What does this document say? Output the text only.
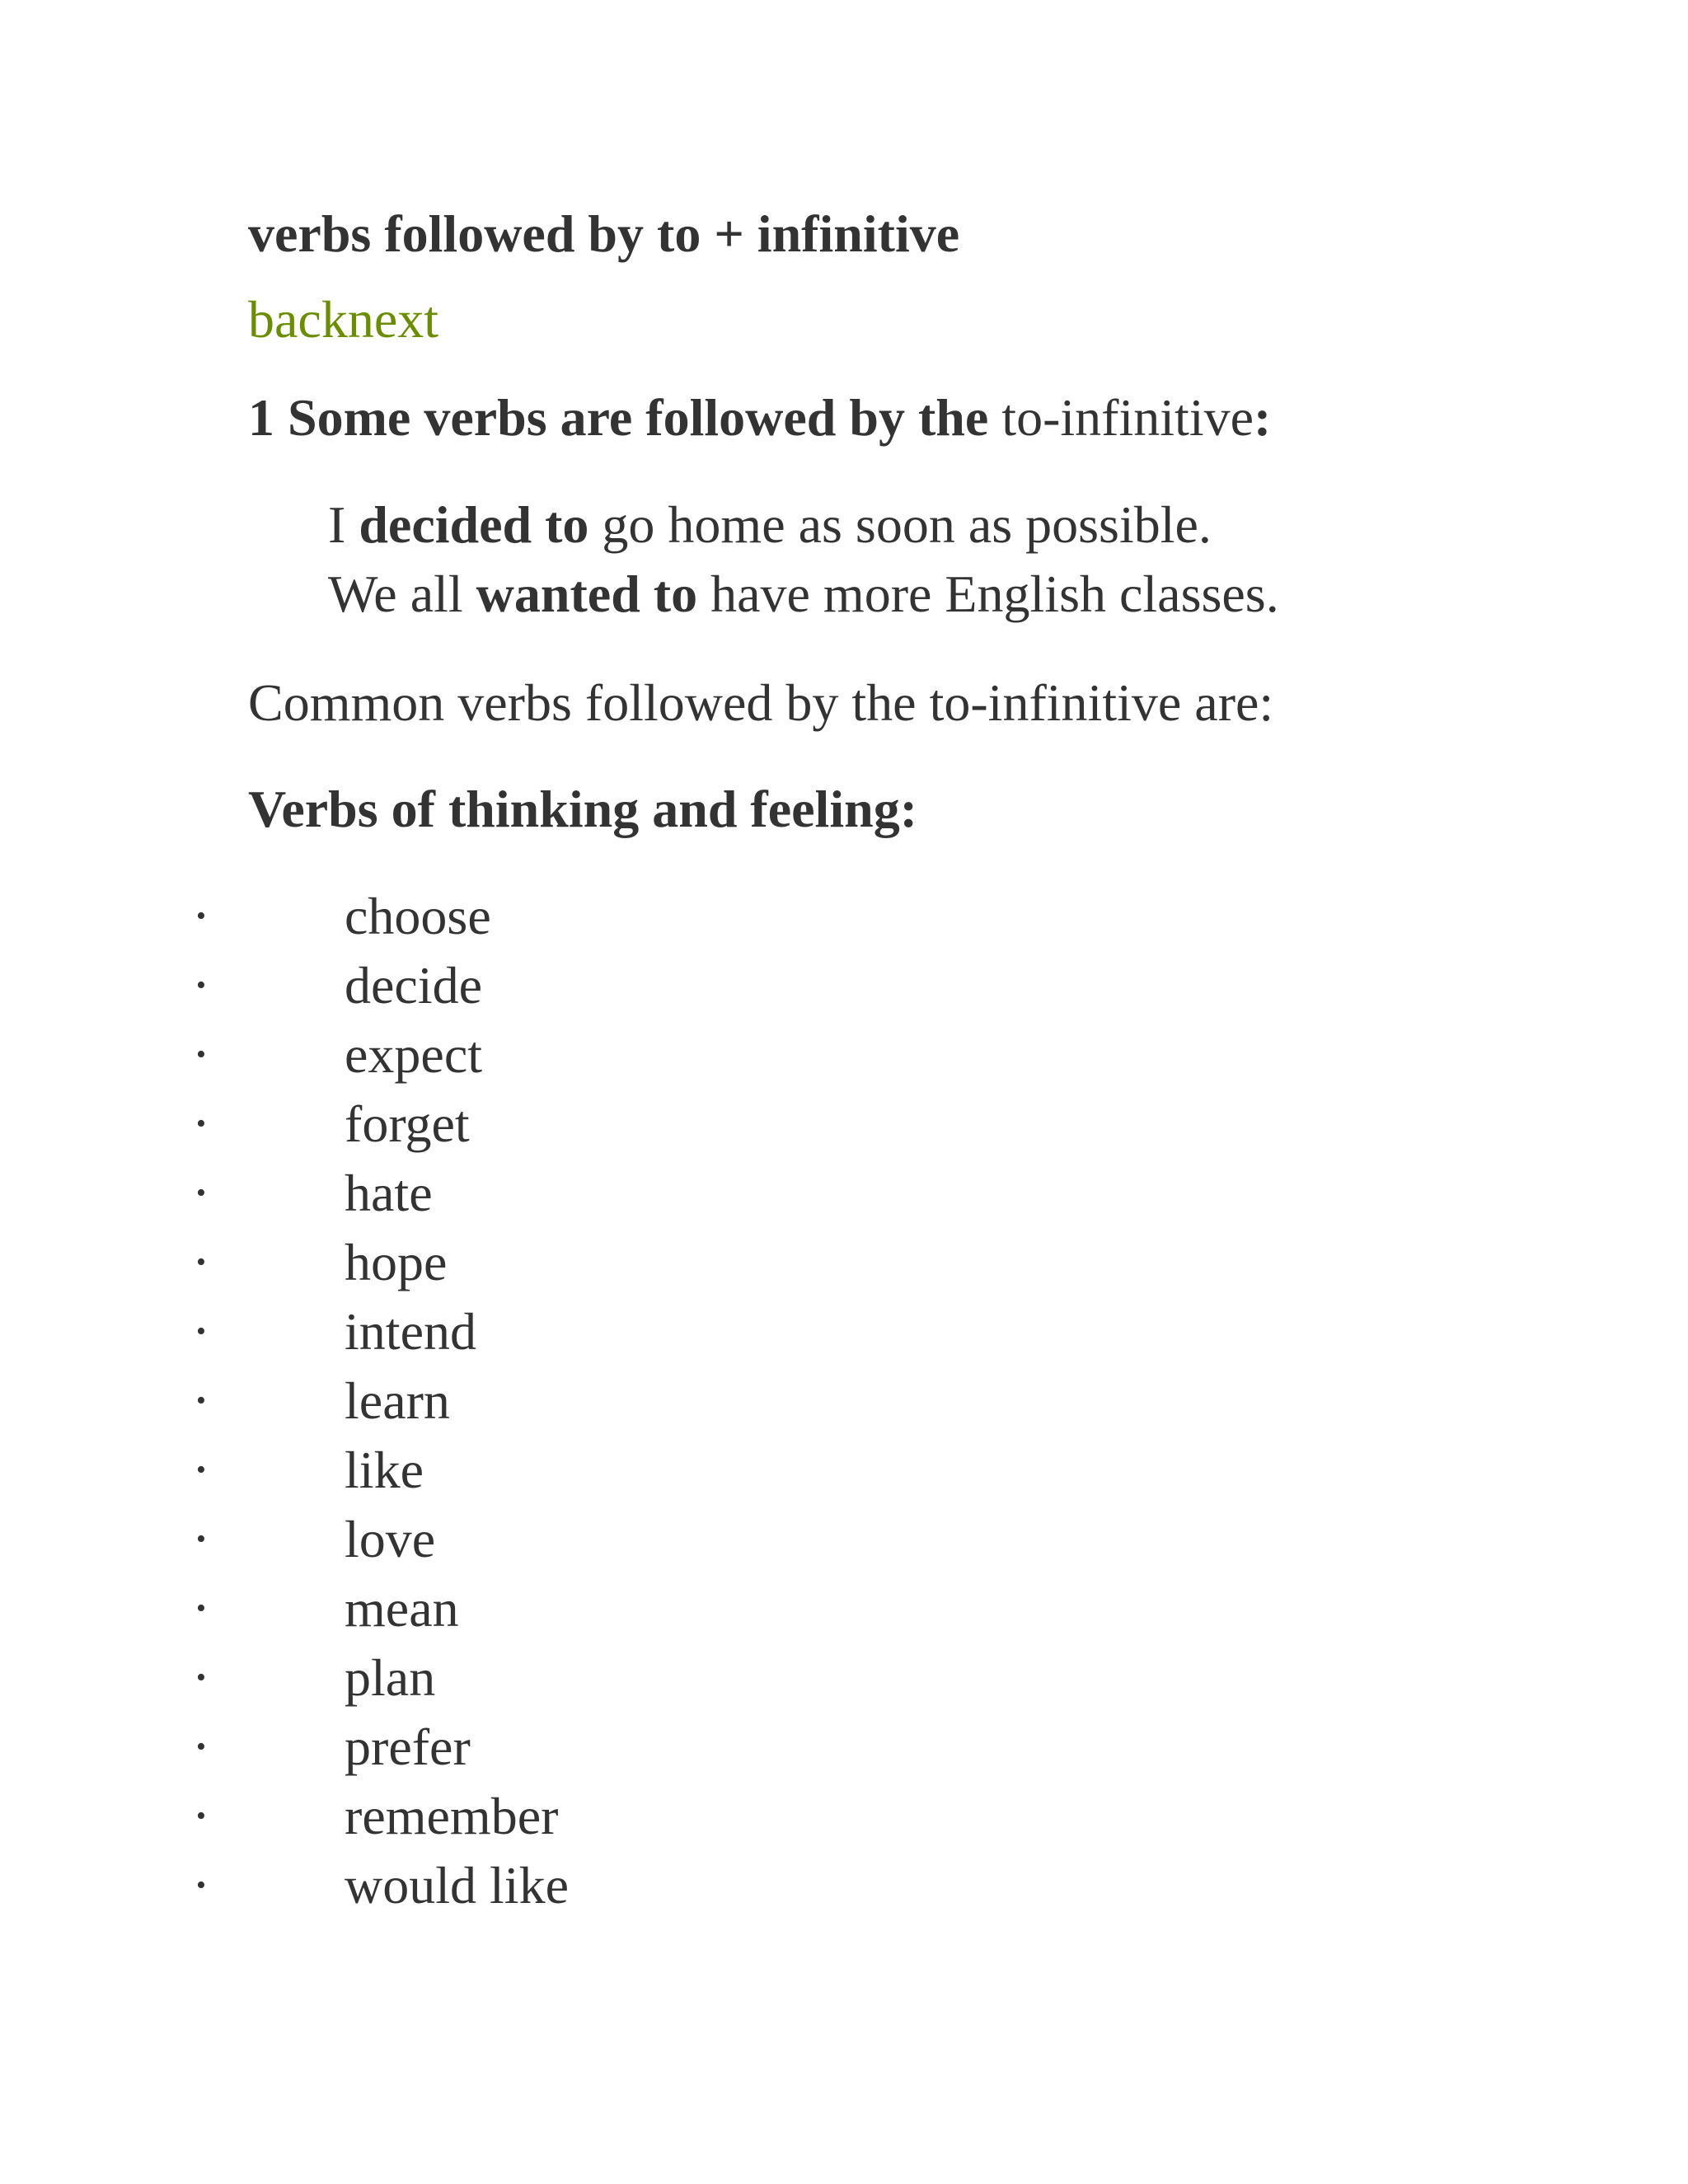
verbs followed by to + infinitive
backnext
1 Some verbs are followed by the to-infinitive:
I decided to go home as soon as possible.
We all wanted to have more English classes.
Common verbs followed by the to-infinitive are:
Verbs of thinking and feeling:
•	choose
•	decide
•	expect
•	forget
•	hate
•	hope
•	intend
•	learn
•	like
•	love
•	mean
•	plan
•	prefer
•	remember
•	would like
